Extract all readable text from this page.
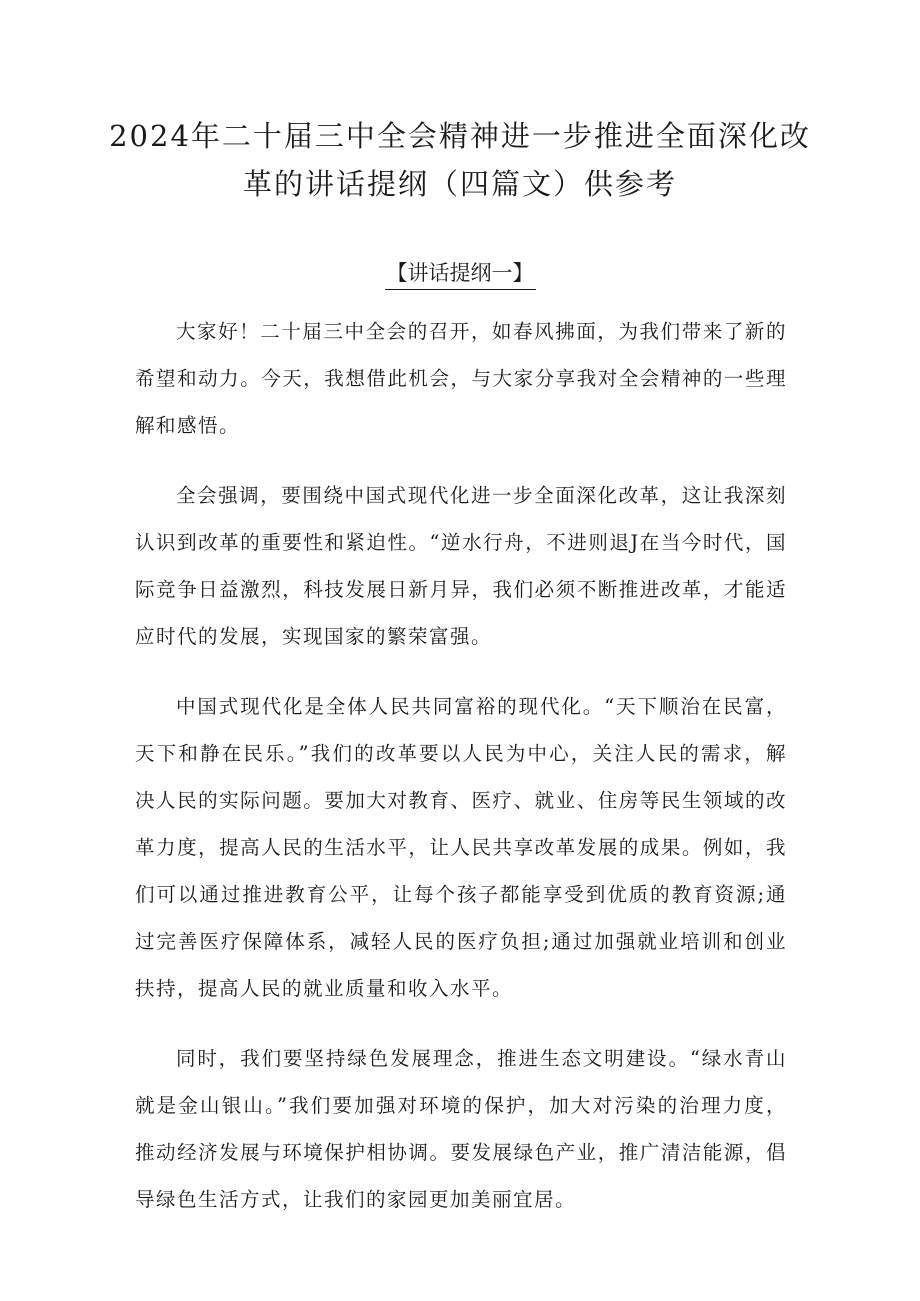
2024年二十届三中全会精神进一步推进全面深化改
革的讲话提纲（四篇文）供参考
【讲话提纲一】

大家好！二十届三中全会的召开，如春风拂面，为我们带来了新的希望和动力。今天，我想借此机会，与大家分享我对全会精神的一些理解和感悟。

全会强调，要围绕中国式现代化进一步全面深化改革，这让我深刻认识到改革的重要性和紧迫性。“逆水行舟，不进则退J在当今时代，国际竞争日益激烈，科技发展日新月异，我们必须不断推进改革，才能适应时代的发展，实现国家的繁荣富强。

中国式现代化是全体人民共同富裕的现代化。“天下顺治在民富，天下和静在民乐。”我们的改革要以人民为中心，关注人民的需求，解决人民的实际问题。要加大对教育、医疗、就业、住房等民生领域的改革力度，提高人民的生活水平，让人民共享改革发展的成果。例如，我们可以通过推进教育公平，让每个孩子都能享受到优质的教育资源;通过完善医疗保障体系，减轻人民的医疗负担;通过加强就业培训和创业扶持，提高人民的就业质量和收入水平。

同时，我们要坚持绿色发展理念，推进生态文明建设。“绿水青山就是金山银山。”我们要加强对环境的保护，加大对污染的治理力度，推动经济发展与环境保护相协调。要发展绿色产业，推广清洁能源，倡导绿色生活方式，让我们的家园更加美丽宜居。
